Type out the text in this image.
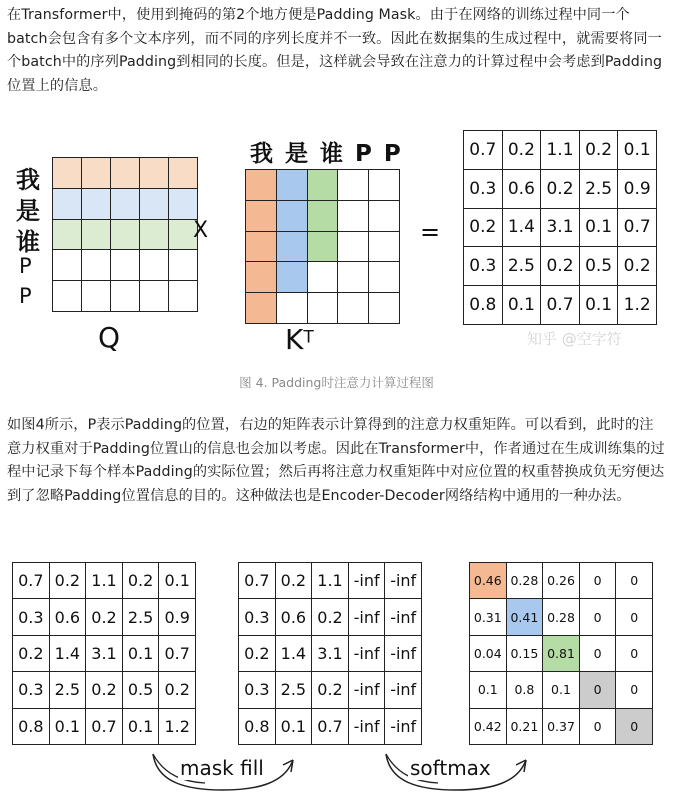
在Transformer中，使用到掩码的第2个地方便是Padding Mask。由于在网络的训练过程中同一个batch会包含有多个文本序列，而不同的序列长度并不一致。因此在数据集的生成过程中，就需要将同一个batch中的序列Padding到相同的长度。但是，这样就会导致在注意力的计算过程中会考虑到Padding位置上的信息。

我
是
谁
P
P
Q
X
我 是 谁 P P
$K^T$
=
0.7 0.2 1.1 0.2 0.1
0.3 0.6 0.2 2.5 0.9
0.2 1.4 3.1 0.1 0.7
0.3 2.5 0.2 0.5 0.2
0.8 0.1 0.7 0.1 1.2
知乎 @空字符
图 4. Padding时注意力计算过程图

如图4所示，P表示Padding的位置，右边的矩阵表示计算得到的注意力权重矩阵。可以看到，此时的注意力权重对于Padding位置山的信息也会加以考虑。因此在Transformer中，作者通过在生成训练集的过程中记录下每个样本Padding的实际位置；然后再将注意力权重矩阵中对应位置的权重替换成负无穷便达到了忽略Padding位置信息的目的。这种做法也是Encoder-Decoder网络结构中通用的一种办法。

0.7 0.2 1.1 0.2 0.1
0.3 0.6 0.2 2.5 0.9
0.2 1.4 3.1 0.1 0.7
0.3 2.5 0.2 0.5 0.2
0.8 0.1 0.7 0.1 1.2
0.7 0.2 1.1 -inf -inf
0.3 0.6 0.2 -inf -inf
0.2 1.4 3.1 -inf -inf
0.3 2.5 0.2 -inf -inf
0.8 0.1 0.7 -inf -inf
0.46 0.28 0.26	0	0
0.31 0.41 0.28	0	0
0.04 0.15 0.81	0	0
0.1	0.8	0.1	0	0
0.42 0.21 0.37	0	0
mask fill	softmax
